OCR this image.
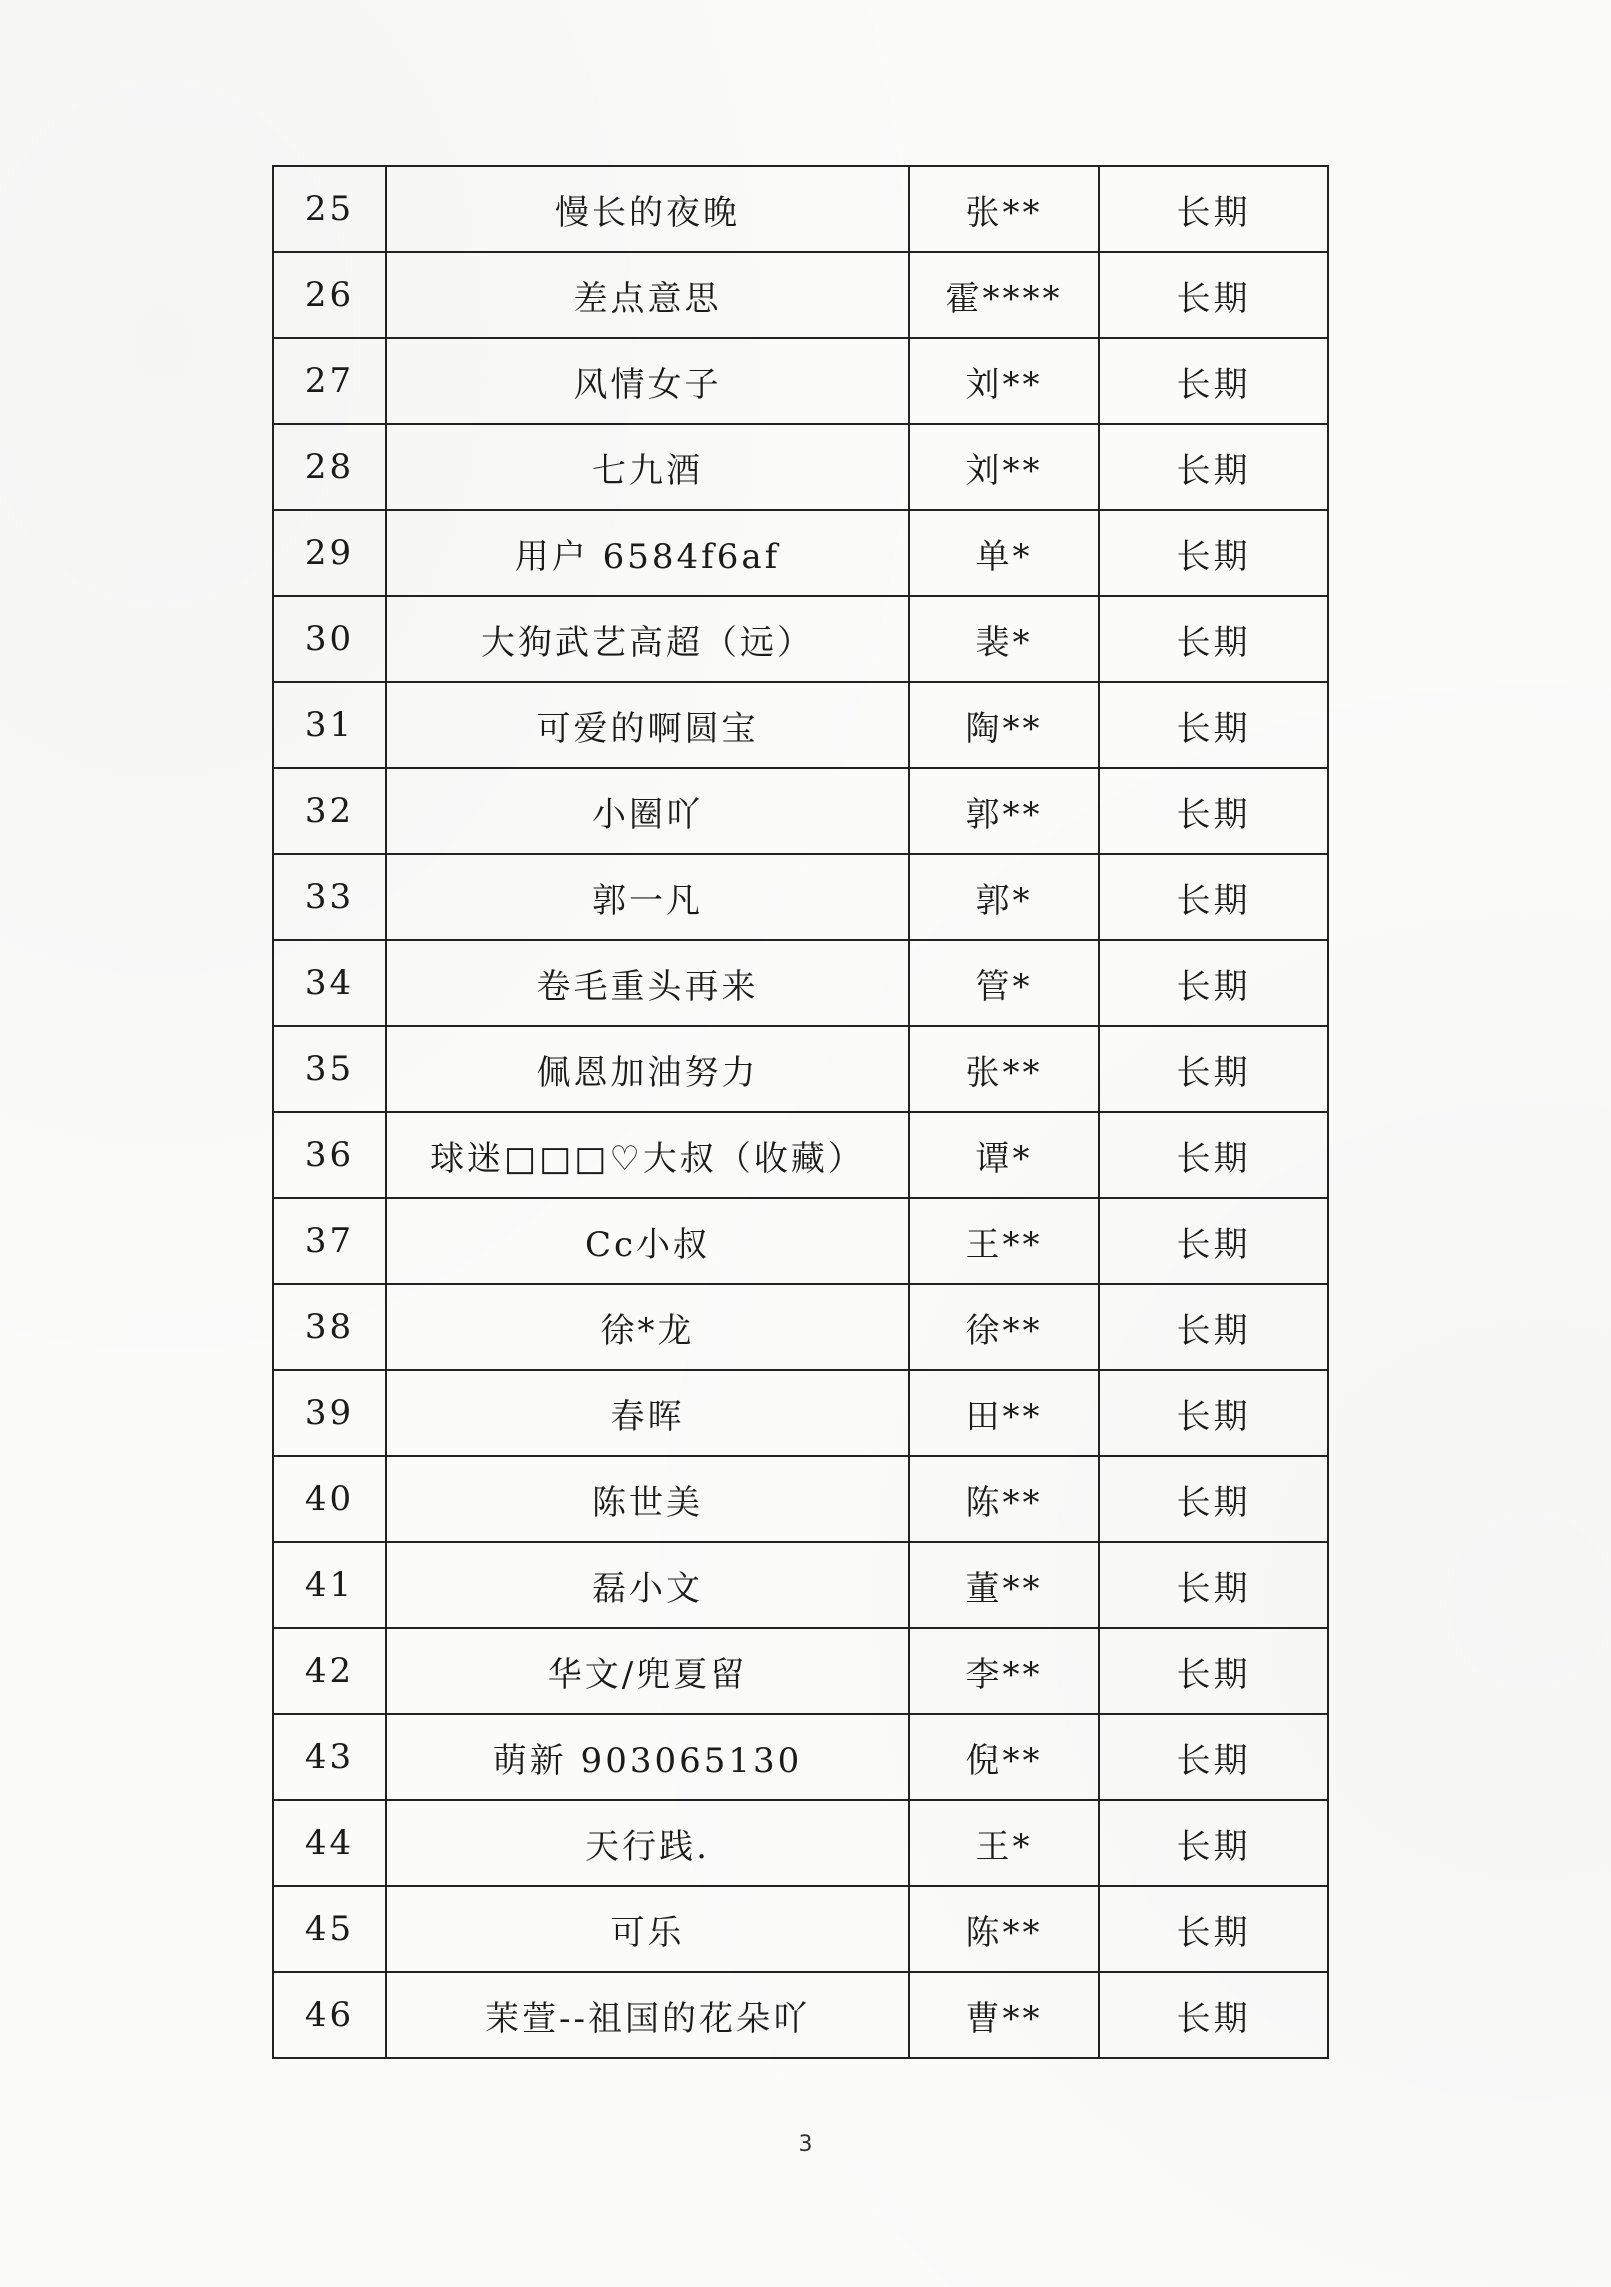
25	慢长的夜晚	张**	长期
26	差点意思	霍****	长期
27	风情女子	刘**	长期
28	七九酒	刘**	长期
29	用户 6584f6af	单*	长期
30	大狗武艺高超（远）	裴*	长期
31	可爱的啊圆宝	陶**	长期
32	小圈吖	郭**	长期
33	郭一凡	郭*	长期
34	卷毛重头再来	管*	长期
35	佩恩加油努力	张**	长期
36	球迷□□□♡大叔（收藏）	谭*	长期
37	Cc小叔	王**	长期
38	徐*龙	徐**	长期
39	春晖	田**	长期
40	陈世美	陈**	长期
41	磊小文	董**	长期
42	华文/兜夏留	李**	长期
43	萌新 903065130	倪**	长期
44	天行践.	王*	长期
45	可乐	陈**	长期
46	茉萱--祖国的花朵吖	曹**	长期
3
